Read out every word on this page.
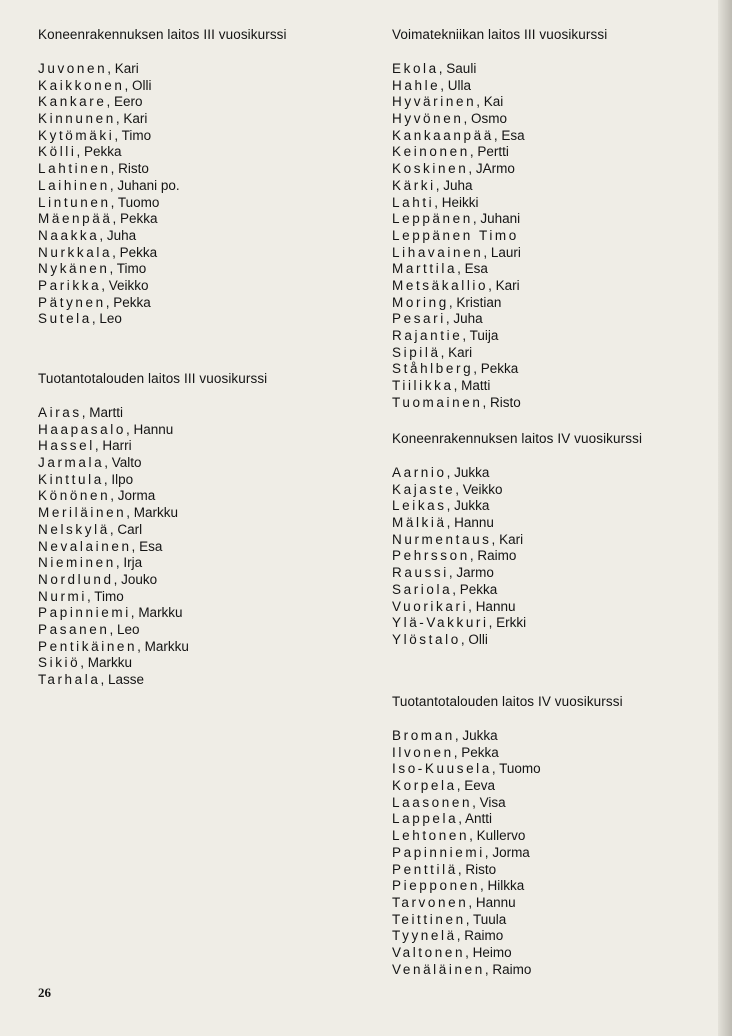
Koneenrakennuksen laitos III vuosikurssi
Juvonen, Kari
Kaikkonen, Olli
Kankare, Eero
Kinnunen, Kari
Kytömäki, Timo
Kölli, Pekka
Lahtinen, Risto
Laihinen, Juhani po.
Lintunen, Tuomo
Mäenpää, Pekka
Naakka, Juha
Nurkkala, Pekka
Nykänen, Timo
Parikka, Veikko
Pätynen, Pekka
Sutela, Leo
Tuotantotalouden laitos III vuosikurssi
Airas, Martti
Haapasalo, Hannu
Hassel, Harri
Jarmala, Valto
Kinttula, Ilpo
Könönen, Jorma
Meriläinen, Markku
Nelskylä, Carl
Nevalainen, Esa
Nieminen, Irja
Nordlund, Jouko
Nurmi, Timo
Papinniemi, Markku
Pasanen, Leo
Pentikäinen, Markku
Sikiö, Markku
Tarhala, Lasse
Voimatekniikan laitos III vuosikurssi
Ekola, Sauli
Hahle, Ulla
Hyvärinen, Kai
Hyvönen, Osmo
Kankaanpää, Esa
Keinonen, Pertti
Koskinen, JArmo
Kärki, Juha
Lahti, Heikki
Leppänen, Juhani
Leppänen Timo
Lihavainen, Lauri
Marttila, Esa
Metsäkallio, Kari
Moring, Kristian
Pesari, Juha
Rajantie, Tuija
Sipilä, Kari
Ståhlberg, Pekka
Tiilikka, Matti
Tuomainen, Risto
Koneenrakennuksen laitos IV vuosikurssi
Aarnio, Jukka
Kajaste, Veikko
Leikas, Jukka
Mälkiä, Hannu
Nurmentaus, Kari
Pehrsson, Raimo
Raussi, Jarmo
Sariola, Pekka
Vuorikari, Hannu
Ylä-Vakkuri, Erkki
Ylöstalo, Olli
Tuotantotalouden laitos IV vuosikurssi
Broman, Jukka
Ilvonen, Pekka
Iso-Kuusela, Tuomo
Korpela, Eeva
Laasonen, Visa
Lappela, Antti
Lehtonen, Kullervo
Papinniemi, Jorma
Penttilä, Risto
Piepponen, Hilkka
Tarvonen, Hannu
Teittinen, Tuula
Tyynelä, Raimo
Valtonen, Heimo
Venäläinen, Raimo
26
